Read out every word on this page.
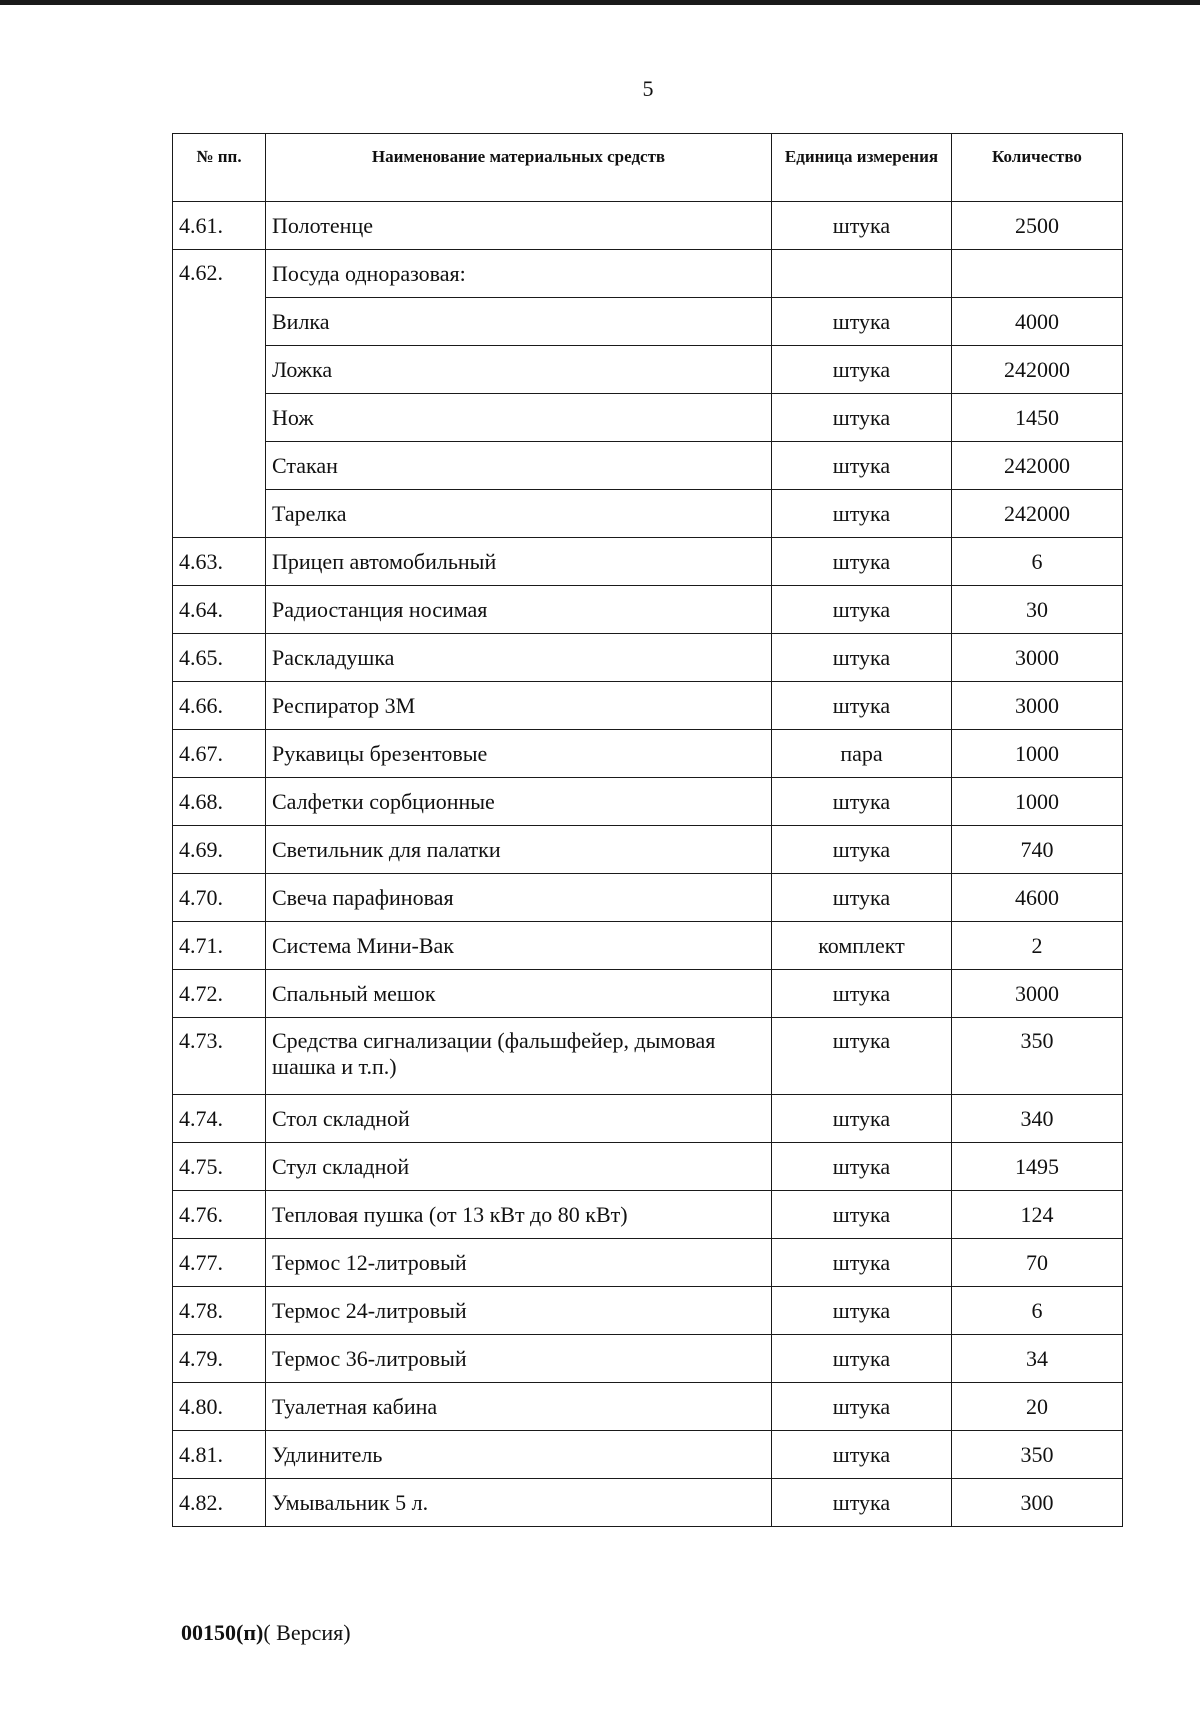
5
№ пп.	Наименование материальных средств	Единица измерения	Количество
4.61.	Полотенце	штука	2500
4.62.	Посуда одноразовая:		
	Вилка	штука	4000
	Ложка	штука	242000
	Нож	штука	1450
	Стакан	штука	242000
	Тарелка	штука	242000
4.63.	Прицеп автомобильный	штука	6
4.64.	Радиостанция носимая	штука	30
4.65.	Раскладушка	штука	3000
4.66.	Респиратор 3М	штука	3000
4.67.	Рукавицы брезентовые	пара	1000
4.68.	Салфетки сорбционные	штука	1000
4.69.	Светильник для палатки	штука	740
4.70.	Свеча парафиновая	штука	4600
4.71.	Система Мини-Вак	комплект	2
4.72.	Спальный мешок	штука	3000
4.73.	Средства сигнализации (фальшфейер, дымовая шашка и т.п.)	штука	350
4.74.	Стол складной	штука	340
4.75.	Стул складной	штука	1495
4.76.	Тепловая пушка (от 13 кВт до 80 кВт)	штука	124
4.77.	Термос 12-литровый	штука	70
4.78.	Термос 24-литровый	штука	6
4.79.	Термос 36-литровый	штука	34
4.80.	Туалетная кабина	штука	20
4.81.	Удлинитель	штука	350
4.82.	Умывальник 5 л.	штука	300
00150(п)( Версия)
